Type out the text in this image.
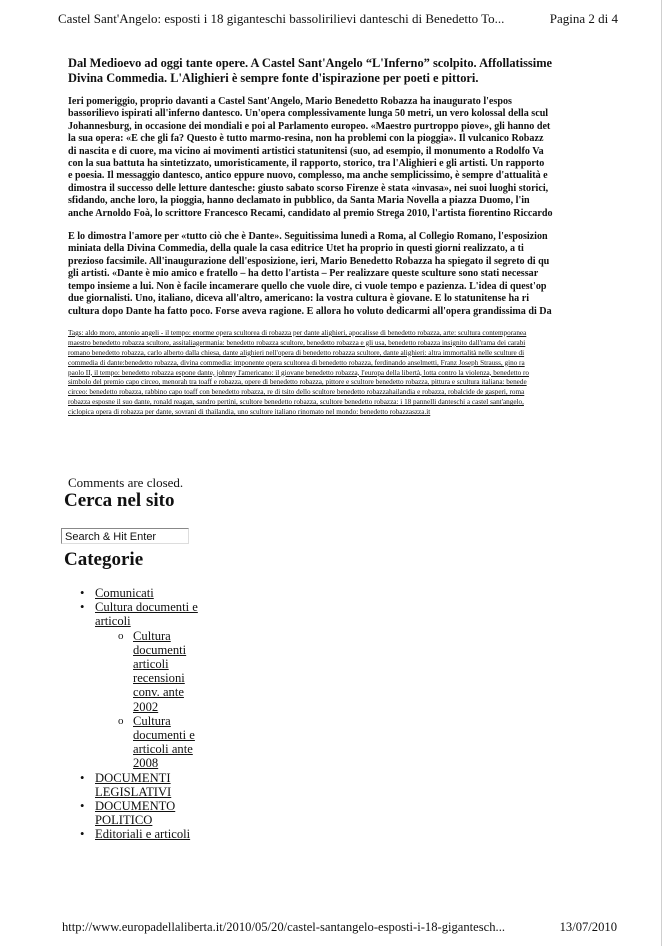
Castel Sant'Angelo: esposti i 18 giganteschi bassolirilievi danteschi di Benedetto To...	Pagina 2 di 4
Dal Medioevo ad oggi tante opere. A Castel Sant'Angelo “L'Inferno” scolpito. Affollatissime
Divina Commedia. L'Alighieri è sempre fonte d'ispirazione per poeti e pittori.
Ieri pomeriggio, proprio davanti a Castel Sant'Angelo, Mario Benedetto Robazza ha inaugurato l'espos
bassorilievo ispirati all'inferno dantesco. Un'opera complessivamente lunga 50 metri, un vero kolossal della scul
Johannesburg, in occasione dei mondiali e poi al Parlamento europeo. «Maestro purtroppo piove», gli hanno det
la sua opera: «E che gli fa? Questo è tutto marmo-resina, non ha problemi con la pioggia». Il vulcanico Robazz
di nascita e di cuore, ma vicino ai movimenti artistici statunitensi (suo, ad esempio, il monumento a Rodolfo Va
con la sua battuta ha sintetizzato, umoristicamente, il rapporto, storico, tra l'Alighieri e gli artisti. Un rapporto
e poesia. Il messaggio dantesco, antico eppure nuovo, complesso, ma anche semplicissimo, è sempre d'attualità e
dimostra il successo delle letture dantesche: giusto sabato scorso Firenze è stata «invasa», nei suoi luoghi storici,
sfidando, anche loro, la pioggia, hanno declamato in pubblico, da Santa Maria Novella a piazza Duomo, l'in
anche Arnoldo Foà, lo scrittore Francesco Recami, candidato al premio Strega 2010, l'artista fiorentino Riccardo
E lo dimostra l'amore per «tutto ciò che è Dante». Seguitissima lunedì a Roma, al Collegio Romano, l'esposizion
miniata della Divina Commedia, della quale la casa editrice Utet ha proprio in questi giorni realizzato, a ti
prezioso facsimile. All'inaugurazione dell'esposizione, ieri, Mario Benedetto Robazza ha spiegato il segreto di qu
gli artisti. «Dante è mio amico e fratello – ha detto l'artista – Per realizzare queste sculture sono stati necessar
tempo insieme a lui. Non è facile incamerare quello che vuole dire, ci vuole tempo e pazienza. L'idea di quest'op
due giornalisti. Uno, italiano, diceva all'altro, americano: la vostra cultura è giovane. E lo statunitense ha ri
cultura dopo Dante ha fatto poco. Forse aveva ragione. E allora ho voluto dedicarmi all'opera grandissima di Da
Tags: aldo moro, antonio angeli - il tempo: enorme opera scultorea di robazza per dante alighieri, apocalisse di benedetto robazza, arte: scultura contemporanea
maestro benedetto robazza scultore, assitaliagermania: benedetto robazza scultore, benedetto robazza e gli usa, benedetto robazza insignito dall'rama dei carabi
romano benedetto robazza, carlo alberto dalla chiesa, dante alighieri nell'opera di benedetto robazza scultore, dante alighieri: altra immortalità nelle sculture di
commedia di dante:benedetto robazza, divina commedia: imponente opera scultorea di benedetto robazza, ferdinando anselmetti, Franz Joseph Strauss, gino ra
paolo II, il tempo: benedetto robazza espone dante, johnny l'americano: il giovane benedetto robazza, l'europa della libertà, lotta contro la violenza, benedetto ro
simbolo del premio capo circeo, menorah tra toaff e robazza, opere di benedetto robazza, pittore e scultore benedetto robazza, pittura e scultura italiana: benede
circeo: benedetto robazza, rabbino capo toaff con benedetto robazza, re di tsito dello scultore benedetto robazzahailandia e robazza, robalcide de gasperi, roma
robazza esposne il suo dante, ronald reagan, sandro pertini, scultore benedetto robazza, scultore benedetto robazza: i 18 pannelli danteschi a castel sant'angelo,
ciclopica opera di robazza per dante, sovrani di thailandia, uno scultore italiano rinomato nel mondo: benedetto robazzaszza.it
Comments are closed.
Cerca nel sito
Search & Hit Enter
Categorie
• Comunicati
• Cultura documenti e articoli
o Cultura documenti articoli recensioni conv. ante 2002
o Cultura documenti e articoli ante 2008
• DOCUMENTI LEGISLATIVI
• DOCUMENTO POLITICO
• Editoriali e articoli
http://www.europadellaliberta.it/2010/05/20/castel-santangelo-esposti-i-18-gigantesch...	13/07/2010
